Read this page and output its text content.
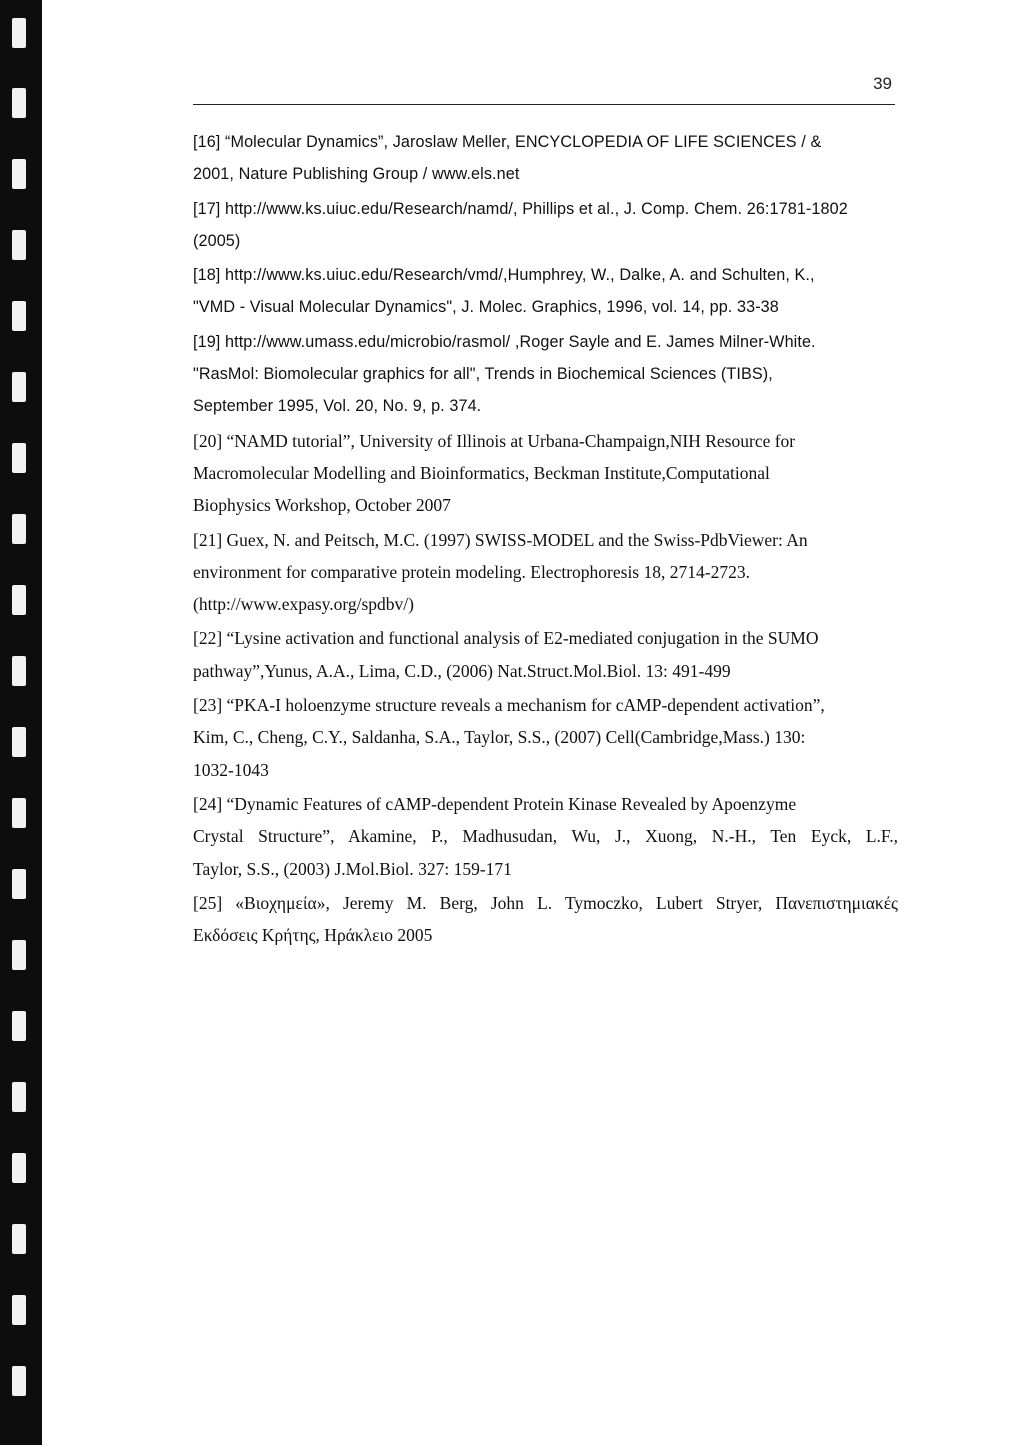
39
[16] “Molecular Dynamics”, Jaroslaw Meller, ENCYCLOPEDIA OF LIFE SCIENCES / &
2001, Nature Publishing Group / www.els.net
[17] http://www.ks.uiuc.edu/Research/namd/, Phillips et al., J. Comp. Chem. 26:1781-1802
(2005)
[18] http://www.ks.uiuc.edu/Research/vmd/,Humphrey, W., Dalke, A. and Schulten, K.,
"VMD - Visual Molecular Dynamics", J. Molec. Graphics, 1996, vol. 14, pp. 33-38
[19] http://www.umass.edu/microbio/rasmol/ ,Roger Sayle and E. James Milner-White.
"RasMol: Biomolecular graphics for all", Trends in Biochemical Sciences (TIBS),
September 1995, Vol. 20, No. 9, p. 374.
[20] “NAMD tutorial”, University of Illinois at Urbana-Champaign,NIH Resource for
Macromolecular Modelling and Bioinformatics, Beckman Institute,Computational
Biophysics Workshop, October 2007
[21] Guex, N. and Peitsch, M.C. (1997) SWISS-MODEL and the Swiss-PdbViewer: An
environment for comparative protein modeling. Electrophoresis 18, 2714-2723.
(http://www.expasy.org/spdbv/)
[22] “Lysine activation and functional analysis of E2-mediated conjugation in the SUMO
pathway”,Yunus, A.A., Lima, C.D., (2006) Nat.Struct.Mol.Biol. 13: 491-499
[23] “PKA-I holoenzyme structure reveals a mechanism for cAMP-dependent activation”,
Kim, C., Cheng, C.Y., Saldanha, S.A., Taylor, S.S., (2007) Cell(Cambridge,Mass.) 130:
1032-1043
[24] “Dynamic Features of cAMP-dependent Protein Kinase Revealed by Apoenzyme
Crystal Structure”, Akamine, P., Madhusudan, Wu, J., Xuong, N.-H., Ten Eyck, L.F.,
Taylor, S.S., (2003) J.Mol.Biol. 327: 159-171
[25] «Βιοχημεία», Jeremy M. Berg, John L. Tymoczko, Lubert Stryer, Πανεπιστημιακές
Εκδόσεις Κρήτης, Ηράκλειο 2005
